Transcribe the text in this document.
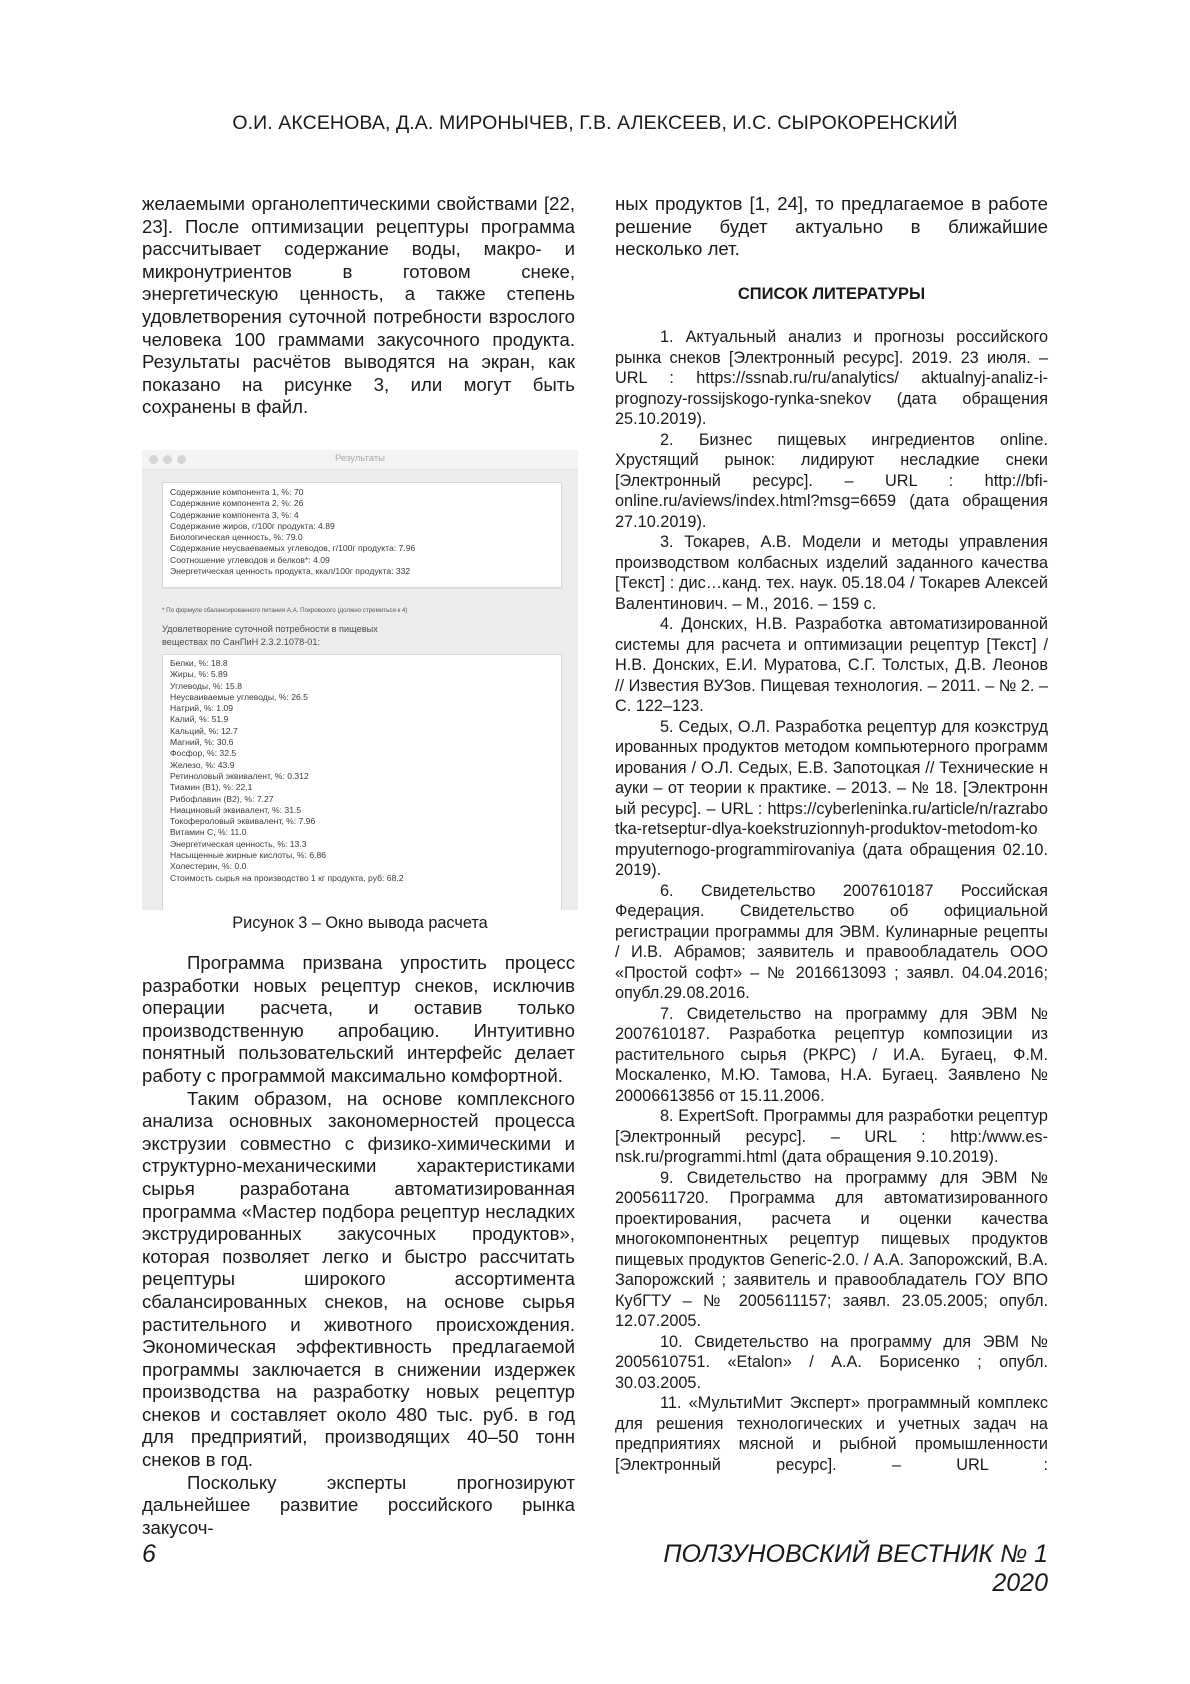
О.И. АКСЕНОВА, Д.А. МИРОНЫЧЕВ, Г.В. АЛЕКСЕЕВ, И.С. СЫРОКОРЕНСКИЙ

желаемыми органолептическими свойствами [22, 23]. После оптимизации рецептуры программа рассчитывает содержание воды, макро- и микронутриентов в готовом снеке, энергетическую ценность, а также степень удовлетворения суточной потребности взрослого человека 100 граммами закусочного продукта. Результаты расчётов выводятся на экран, как показано на рисунке 3, или могут быть сохранены в файл.

Результаты
Содержание компонента 1, %: 70
Содержание компонента 2, %: 26
Содержание компонента 3, %: 4
Содержание жиров, г/100г продукта: 4.89
Биологическая ценность, %: 79.0
Содержание неусваеваемых углеводов, г/100г продукта: 7.96
Соотношение углеводов и белков*: 4.09
Энергетическая ценность продукта, ккал/100г продукта: 332
* По формуле сбалансированного питания А.А. Покровского (должно стремиться к 4)
Удовлетворение суточной потребности в пищевых
веществах по СанПиН 2.3.2.1078-01:
Белки, %: 18.8
Жиры, %: 5.89
Углеводы, %: 15.8
Неусваиваемые углеводы, %: 26.5
Натрий, %: 1.09
Калий, %: 51.9
Кальций, %: 12.7
Магний, %: 30.6
Фосфор, %: 32.5
Железо, %: 43.9
Ретиноловый эквивалент, %: 0.312
Тиамин (В1), %: 22.1
Рибофлавин (В2), %: 7.27
Ниациновый эквивалент, %: 31.5
Токофероловый эквивалент, %: 7.96
Витамин С, %: 11.0
Энергетическая ценность, %: 13.3
Насыщенные жирные кислоты, %: 6.86
Холестерин, %: 0.0
Стоимость сырья на производство 1 кг продукта, руб: 68.2
Рисунок 3 – Окно вывода расчета

Программа призвана упростить процесс разработки новых рецептур снеков, исключив операции расчета, и оставив только производственную апробацию. Интуитивно понятный пользовательский интерфейс делает работу с программой максимально комфортной.

Таким образом, на основе комплексного анализа основных закономерностей процесса экструзии совместно с физико-химическими и структурно-механическими характеристиками сырья разработана автоматизированная программа «Мастер подбора рецептур несладких экструдированных закусочных продуктов», которая позволяет легко и быстро рассчитать рецептуры широкого ассортимента сбалансированных снеков, на основе сырья растительного и животного происхождения. Экономическая эффективность предлагаемой программы заключается в снижении издержек производства на разработку новых рецептур снеков и составляет около 480 тыс. руб. в год для предприятий, производящих 40–50 тонн снеков в год.

Поскольку эксперты прогнозируют дальнейшее развитие российского рынка закусоч-

ных продуктов [1, 24], то предлагаемое в работе решение будет актуально в ближайшие несколько лет.

СПИСОК ЛИТЕРАТУРЫ

1. Актуальный анализ и прогнозы российского рынка снеков [Электронный ресурс]. 2019. 23 июля. – URL : https://ssnab.ru/ru/analytics/ aktualnyj-analiz-i-prognozy-rossijskogo-rynka-snekov (дата обращения 25.10.2019).

2. Бизнес пищевых ингредиентов online. Хрустящий рынок: лидируют несладкие снеки [Электронный ресурс]. – URL : http://bfi-online.ru/aviews/index.html?msg=6659 (дата обращения 27.10.2019).

3. Токарев, А.В. Модели и методы управления производством колбасных изделий заданного качества [Текст] : дис…канд. тех. наук. 05.18.04 / Токарев Алексей Валентинович. – М., 2016. – 159 с.

4. Донских, Н.В. Разработка автоматизированной системы для расчета и оптимизации рецептур [Текст] / Н.В. Донских, Е.И. Муратова, С.Г. Толстых, Д.В. Леонов // Известия ВУЗов. Пищевая технология. – 2011. – № 2. – С. 122–123.

5. Седых, О.Л. Разработка рецептур для коэкструдированных продуктов методом компьютерного программирования / О.Л. Седых, Е.В. Запотоцкая // Технические науки – от теории к практике. – 2013. – № 18. [Электронный ресурс]. – URL : https://cyberleninka.ru/article/n/razrabotka-retseptur-dlya-koekstruzionnyh-produktov-metodom-kompyuternogo-programmirovaniya (дата обращения 02.10.2019).

6. Свидетельство 2007610187 Российская Федерация. Свидетельство об официальной регистрации программы для ЭВМ. Кулинарные рецепты / И.В. Абрамов; заявитель и правообладатель ООО «Простой софт» – № 2016613093 ; заявл. 04.04.2016; опубл.29.08.2016.

7. Свидетельство на программу для ЭВМ № 2007610187. Разработка рецептур композиции из растительного сырья (РКРС) / И.А. Бугаец, Ф.М. Москаленко, М.Ю. Тамова, Н.А. Бугаец. Заявлено № 20006613856 от 15.11.2006.

8. ExpertSoft. Программы для разработки рецептур [Электронный ресурс]. – URL : http:/www.es-nsk.ru/programmi.html (дата обращения 9.10.2019).

9. Свидетельство на программу для ЭВМ № 2005611720. Программа для автоматизированного проектирования, расчета и оценки качества многокомпонентных рецептур пищевых продуктов пищевых продуктов Generic-2.0. / А.А. Запорожский, В.А. Запорожский ; заявитель и правообладатель ГОУ ВПО КубГТУ – № 2005611157; заявл. 23.05.2005; опубл. 12.07.2005.

10. Свидетельство на программу для ЭВМ № 2005610751. «Etalon» / А.А. Борисенко ; опубл. 30.03.2005.

11. «МультиМит Эксперт» программный комплекс для решения технологических и учетных задач на предприятиях мясной и рыбной промышленности [Электронный ресурс]. – URL :

6	ПОЛЗУНОВСКИЙ ВЕСТНИК № 1 2020
